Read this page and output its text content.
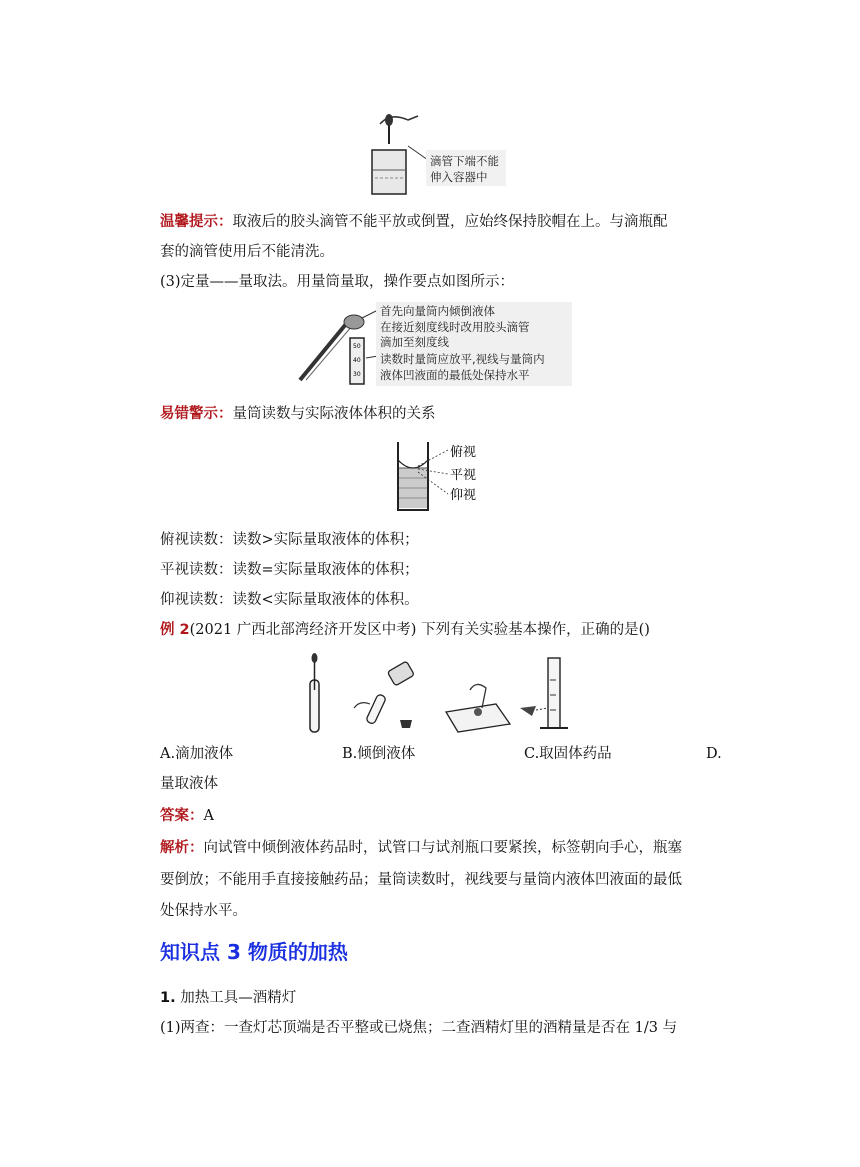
滴管下端不能
伸入容器中
温馨提示：取液后的胶头滴管不能平放或倒置，应始终保持胶帽在上。与滴瓶配
套的滴管使用后不能清洗。
(3)定量——量取法。用量筒量取，操作要点如图所示：
50
40
30
首先向量筒内倾倒液体
在接近刻度线时改用胶头滴管
滴加至刻度线
读数时量筒应放平,视线与量筒内
液体凹液面的最低处保持水平
易错警示：量筒读数与实际液体体积的关系
俯视
平视
仰视
俯视读数：读数>实际量取液体的体积；
平视读数：读数=实际量取液体的体积；
仰视读数：读数<实际量取液体的体积。
例 2(2021 广西北部湾经济开发区中考) 下列有关实验基本操作，正确的是()
A.滴加液体	B.倾倒液体	C.取固体药品	D.
量取液体
答案：A
解析：向试管中倾倒液体药品时，试管口与试剂瓶口要紧挨，标签朝向手心，瓶塞
要倒放；不能用手直接接触药品；量筒读数时，视线要与量筒内液体凹液面的最低
处保持水平。
知识点 3 物质的加热
1. 加热工具—酒精灯
(1)两查：一查灯芯顶端是否平整或已烧焦；二查酒精灯里的酒精量是否在 1/3 与
